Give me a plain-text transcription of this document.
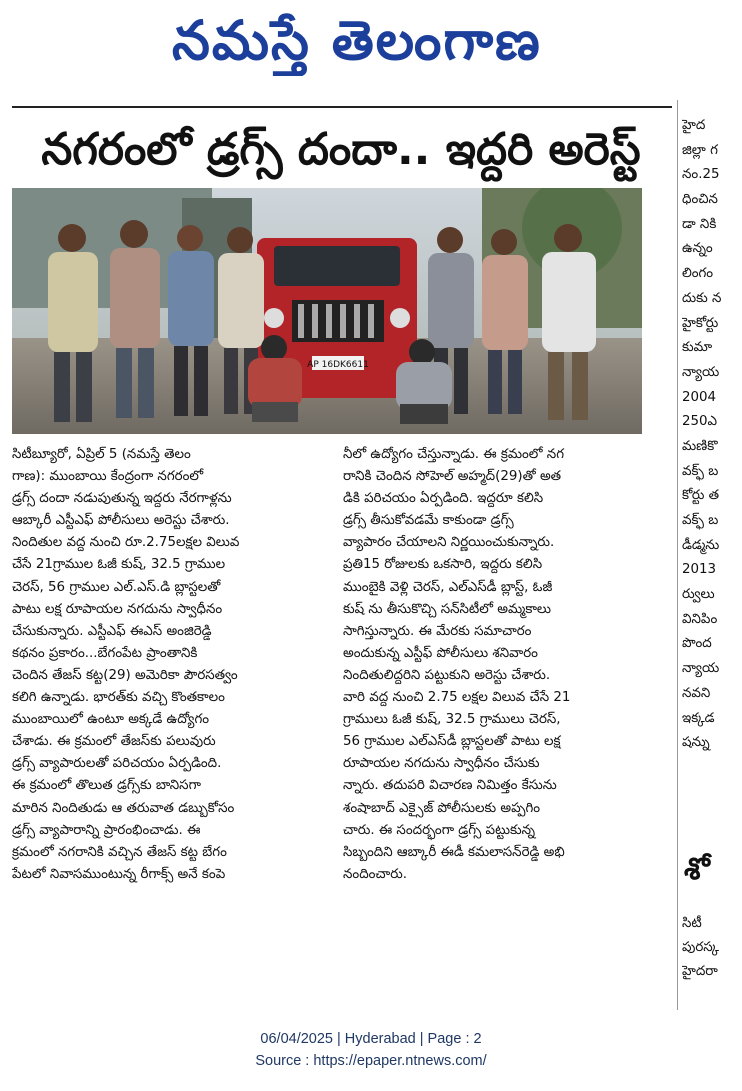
నమస్తే తెలంగాణ
నగరంలో డ్రగ్స్ దందా.. ఇద్దరి అరెస్ట్
AP 16DK6611
సిటీబ్యూరో, ఏప్రిల్ 5 (నమస్తే తెలం
గాణ): ముంబాయి కేంద్రంగా నగరంలో
డ్రగ్స్ దందా నడుపుతున్న ఇద్దరు నేరగాళ్లను
ఆబ్కారీ ఎస్టీఎఫ్ పోలీసులు అరెస్టు చేశారు.
నిందితుల వద్ద నుంచి రూ.2.75లక్షల విలువ
చేసే 21గ్రాముల ఓజీ కుష్, 32.5 గ్రాముల
చెరస్, 56 గ్రాముల ఎల్.ఎస్.డి బ్లాస్టలతో
పాటు లక్ష రూపాయల నగదును స్వాధీనం
చేసుకున్నారు. ఎస్టీఎఫ్ ఈఎస్ అంజిరెడ్డి
కథనం ప్రకారం...బేగంపేట ప్రాంతానికి
చెందిన తేజస్ కట్ట(29) అమెరికా పౌరసత్వం
కలిగి ఉన్నాడు. భారత్‌కు వచ్చి కొంతకాలం
ముంబాయిలో ఉంటూ అక్కడే ఉద్యోగం
చేశాడు. ఈ క్రమంలో తేజస్‌కు పలువురు
డ్రగ్స్ వ్యాపారులతో పరిచయం ఏర్పడింది.
ఈ క్రమంలో తొలుత డ్రగ్స్‌కు బానిసగా
మారిన నిందితుడు ఆ తరువాత డబ్బుకోసం
డ్రగ్స్ వ్యాపారాన్ని ప్రారంభించాడు. ఈ
క్రమంలో నగరానికి వచ్చిన తేజస్ కట్ట బేగం
పేటలో నివాసముంటున్న రీగాక్స్ అనే కంపె
నీలో ఉద్యోగం చేస్తున్నాడు. ఈ క్రమంలో నగ
రానికి చెందిన సోహెల్ అహ్మద్(29)తో అత
డికి పరిచయం ఏర్పడింది. ఇద్దరూ కలిసి
డ్రగ్స్ తీసుకోవడమే కాకుండా డ్రగ్స్
వ్యాపారం చేయాలని నిర్ణయించుకున్నారు.
ప్రతి15 రోజులకు ఒకసారి, ఇద్దరు కలిసి
ముంబైకి వెళ్లి చెరస్, ఎల్ఎస్‌డీ బ్లాస్ట్, ఓజీ
కుష్ ను తీసుకొచ్చి సన్‌సిటీలో అమ్మకాలు
సాగిస్తున్నారు. ఈ మేరకు సమాచారం
అందుకున్న ఎస్టీఫ్ పోలీసులు శనివారం
నిందితులిద్దరిని పట్టుకుని అరెస్టు చేశారు.
వారి వద్ద నుంచి 2.75 లక్షల విలువ చేసే 21
గ్రాములు ఓజీ కుష్, 32.5 గ్రాములు చెరస్,
56 గ్రాముల ఎల్ఎస్‌డీ బ్లాస్టలతో పాటు లక్ష
రూపాయల నగదును స్వాధీనం చేసుకు
న్నారు. తదుపరి విచారణ నిమిత్తం కేసును
శంషాబాద్ ఎక్సైజ్ పోలీసులకు అప్పగిం
చారు. ఈ సందర్భంగా డ్రగ్స్ పట్టుకున్న
సిబ్బందిని ఆబ్కారీ ఈడీ కమలాసన్‌రెడ్డి అభి
నందించారు.
హైద
జిల్లా గ
నం.25
ధించిన
డా నికి
ఉన్నం
లింగం
దుకు న
హైకోర్టు
కుమా
న్యాయ
2004
250ఎ
మణికొ
వక్ఫ్ బ
కోర్టు త
వక్ఫ్ బ
డీడ్మను
2013
ర్వులు
వినిపిం
పొంద
న్యాయ
నవని
ఇక్కడ
షన్ను
శో
సిటీ
పురస్క
హైదరా
06/04/2025 | Hyderabad | Page : 2
Source : https://epaper.ntnews.com/
